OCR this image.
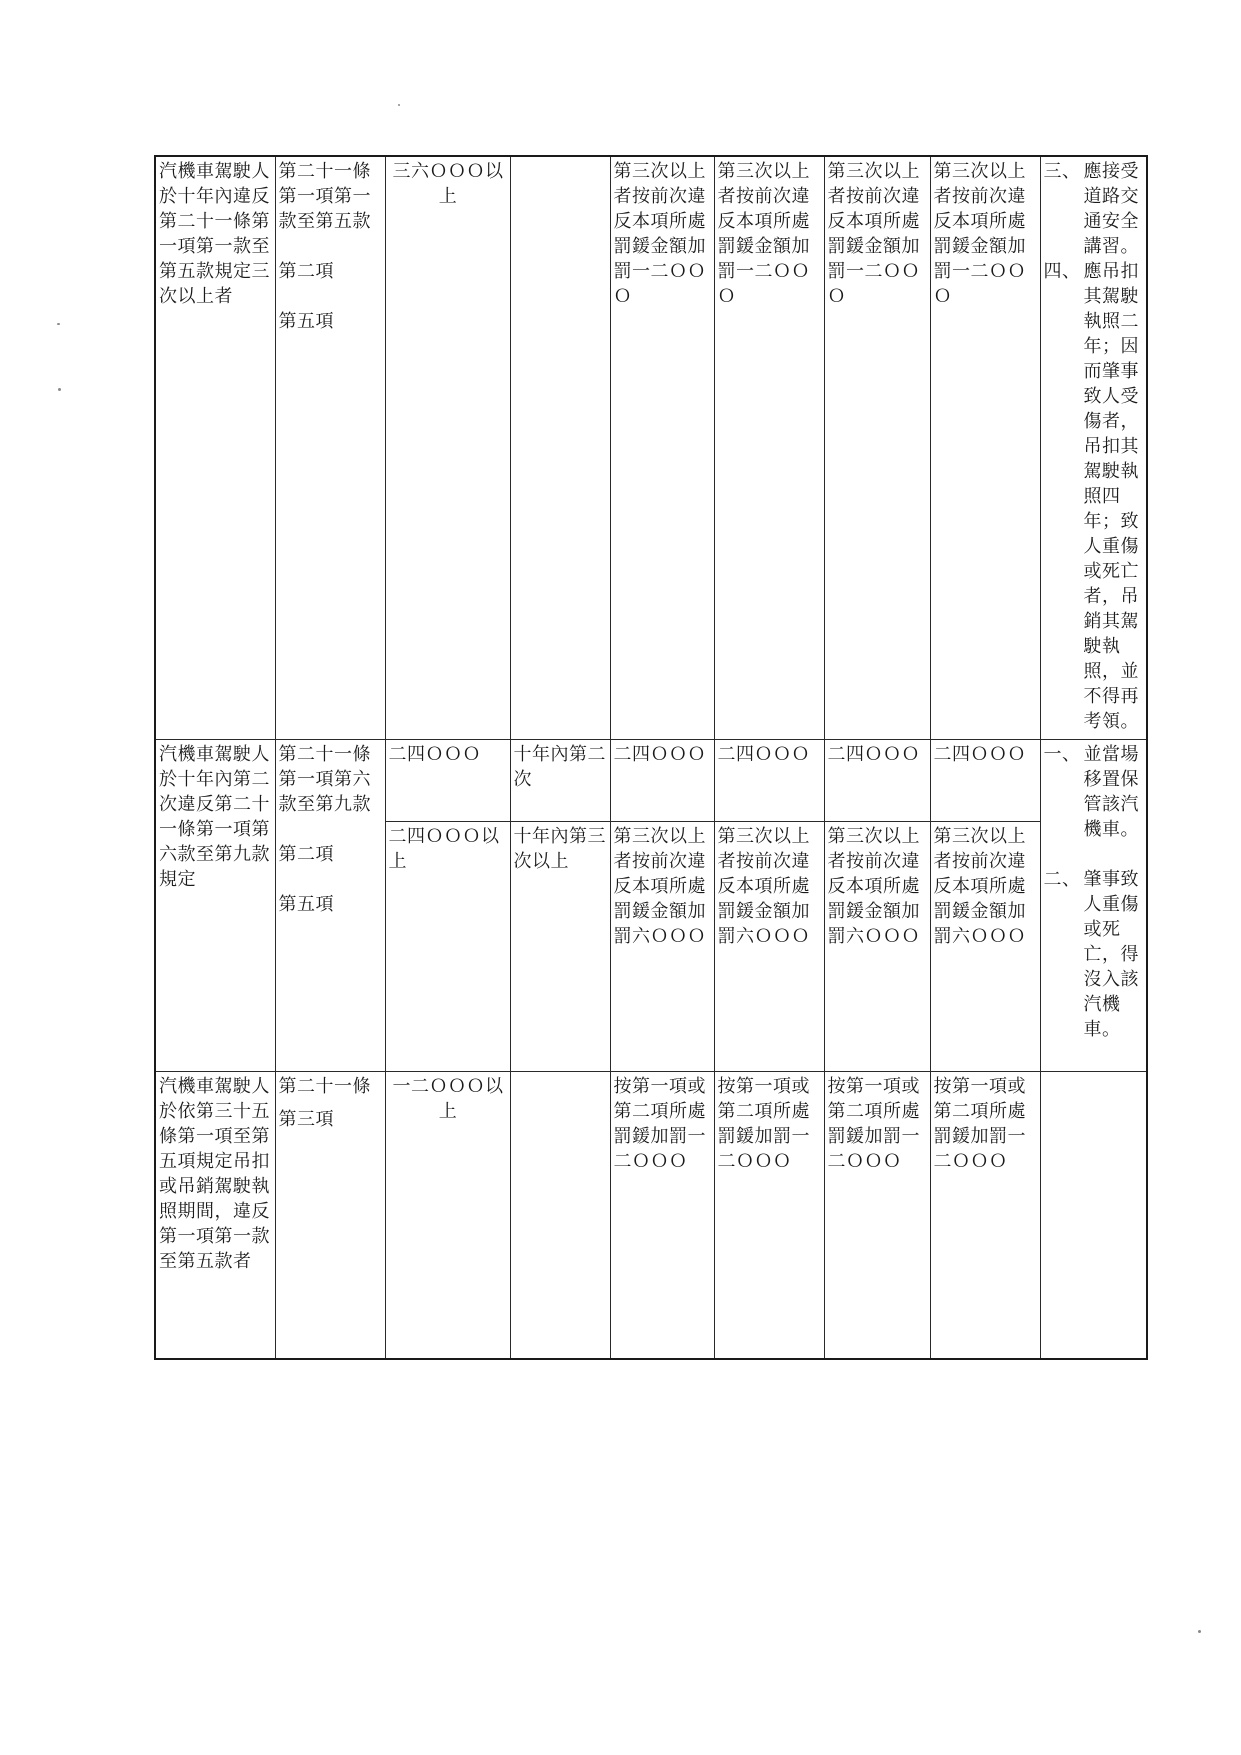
汽機車駕駛人於十年內違反第二十一條第一項第一款至第五款規定三次以上者	第二十一條第一項第一款至第五款
第二項
第五項	三六ＯＯＯ以上		第三次以上者按前次違反本項所處罰鍰金額加罰一二ＯＯＯ	第三次以上者按前次違反本項所處罰鍰金額加罰一二ＯＯＯ	第三次以上者按前次違反本項所處罰鍰金額加罰一二ＯＯＯ	第三次以上者按前次違反本項所處罰鍰金額加罰一二ＯＯＯ	三、 應接受道路交通安全講習。
四、 應吊扣其駕駛執照二年；因而肇事致人受傷者，吊扣其駕駛執照四年；致人重傷或死亡者，吊銷其駕駛執照，並不得再考領。

汽機車駕駛人於十年內第二次違反第二十一條第一項第六款至第九款規定	第二十一條第一項第六款至第九款
第二項
第五項	二四ＯＯＯ	十年內第二次	二四ＯＯＯ	二四ＯＯＯ	二四ＯＯＯ	二四ＯＯＯ	一、 並當場移置保管該汽機車。
二、 肇事致人重傷或死亡，得沒入該汽機車。

		二四ＯＯＯ以上	十年內第三次以上	第三次以上者按前次違反本項所處罰鍰金額加罰六ＯＯＯ	第三次以上者按前次違反本項所處罰鍰金額加罰六ＯＯＯ	第三次以上者按前次違反本項所處罰鍰金額加罰六ＯＯＯ	第三次以上者按前次違反本項所處罰鍰金額加罰六ＯＯＯ	
汽機車駕駛人於依第三十五條第一項至第五項規定吊扣或吊銷駕駛執照期間，違反第一項第一款至第五款者	第二十一條
第三項	一二ＯＯＯ以上		按第一項或第二項所處罰鍰加罰一二ＯＯＯ	按第一項或第二項所處罰鍰加罰一二ＯＯＯ	按第一項或第二項所處罰鍰加罰一二ＯＯＯ	按第一項或第二項所處罰鍰加罰一二ＯＯＯ	
